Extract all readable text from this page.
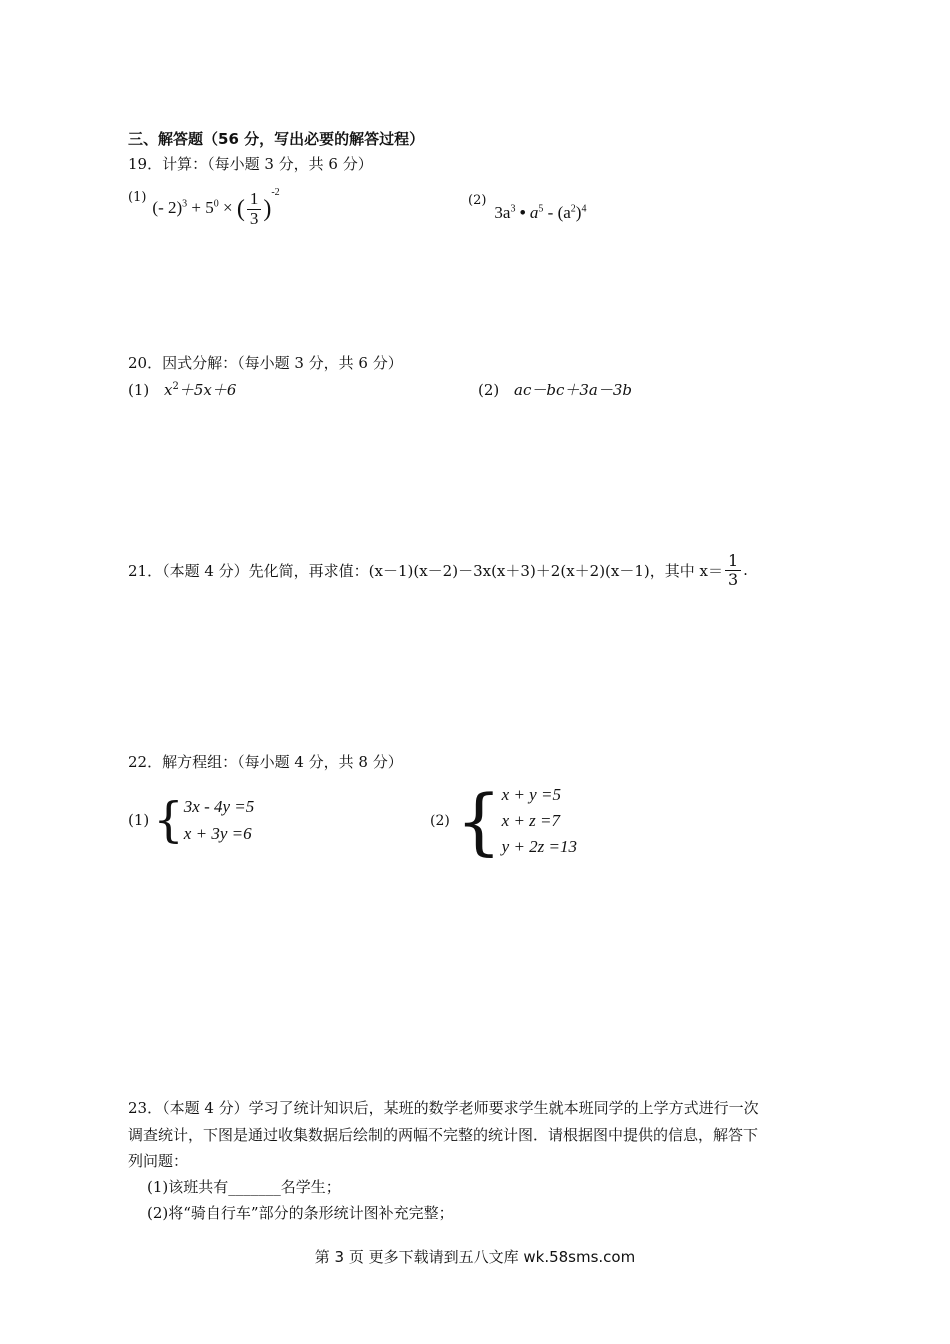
三、解答题（56 分，写出必要的解答过程）
19．计算：（每小题 3 分，共 6 分）
(1)
(- $2)^3 + 5^0$ × ( $\frac{1}{3} )^{-2}$
(2)
$3a^3$ • $a^5 - (a^2)^4$
20．因式分解：（每小题 3 分，共 6 分）
(1) $x^2+5x+6$	(2) ac－bc＋3a－3b
21．（本题 4 分）先化简，再求值：(x－1)(x－2)－3x(x＋3)＋2(x＋2)(x－1)，其中 $x= \frac{1}{3}$ .
22．解方程组：（每小题 4 分，共 8 分）
(1) { 3x - 4y =5
x + 3y =6
(2) { x + y =5
x + z =7
y + 2z =13
23．（本题 4 分）学习了统计知识后，某班的数学老师要求学生就本班同学的上学方式进行一次
调查统计，下图是通过收集数据后绘制的两幅不完整的统计图．请根据图中提供的信息，解答下
列问题：
(1)该班共有_______名学生；
(2)将“骑自行车”部分的条形统计图补充完整；
第 3 页 更多下载请到五八文库 wk.58sms.com
